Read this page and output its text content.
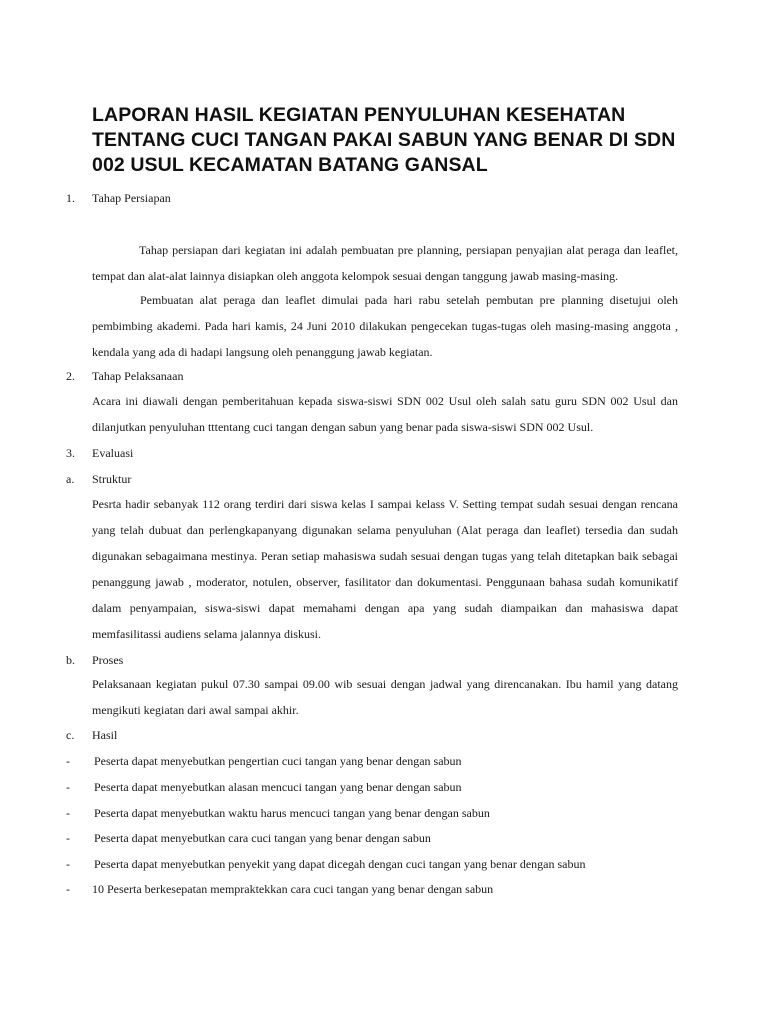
LAPORAN HASIL KEGIATAN PENYULUHAN KESEHATAN TENTANG CUCI TANGAN PAKAI SABUN YANG BENAR DI SDN 002 USUL KECAMATAN BATANG GANSAL
1. Tahap Persiapan

Tahap persiapan dari kegiatan ini adalah pembuatan pre planning, persiapan penyajian alat peraga dan leaflet, tempat dan alat-alat lainnya disiapkan oleh anggota kelompok sesuai dengan tanggung jawab masing-masing.

Pembuatan alat peraga dan leaflet dimulai pada hari rabu setelah pembutan pre planning disetujui oleh pembimbing akademi. Pada hari kamis, 24 Juni 2010 dilakukan pengecekan tugas-tugas oleh masing-masing anggota , kendala yang ada di hadapi langsung oleh penanggung jawab kegiatan.

2. Tahap Pelaksanaan

Acara ini diawali dengan pemberitahuan kepada siswa-siswi SDN 002 Usul oleh salah satu guru SDN 002 Usul dan dilanjutkan penyuluhan tttentang cuci tangan dengan sabun yang benar pada siswa-siswi SDN 002 Usul.

3. Evaluasi
a. Struktur

Pesrta hadir sebanyak 112 orang terdiri dari siswa kelas I sampai kelass V. Setting tempat sudah sesuai dengan rencana yang telah dubuat dan perlengkapanyang digunakan selama penyuluhan (Alat peraga dan leaflet) tersedia dan sudah digunakan sebagaimana mestinya. Peran setiap mahasiswa sudah sesuai dengan tugas yang telah ditetapkan baik sebagai penanggung jawab , moderator, notulen, observer, fasilitator dan dokumentasi. Penggunaan bahasa sudah komunikatif dalam penyampaian, siswa-siswi dapat memahami dengan apa yang sudah diampaikan dan mahasiswa dapat memfasilitassi audiens selama jalannya diskusi.

b. Proses

Pelaksanaan kegiatan pukul 07.30 sampai 09.00 wib sesuai dengan jadwal yang direncanakan. Ibu hamil yang datang mengikuti kegiatan dari awal sampai akhir.

c. Hasil
- Peserta dapat menyebutkan pengertian cuci tangan yang benar dengan sabun
- Peserta dapat menyebutkan alasan mencuci tangan yang benar dengan sabun
- Peserta dapat menyebutkan waktu harus mencuci tangan yang benar dengan sabun
- Peserta dapat menyebutkan cara cuci tangan yang benar dengan sabun
- Peserta dapat menyebutkan penyekit yang dapat dicegah dengan cuci tangan yang benar dengan sabun
- 10 Peserta berkesepatan mempraktekkan cara cuci tangan yang benar dengan sabun
